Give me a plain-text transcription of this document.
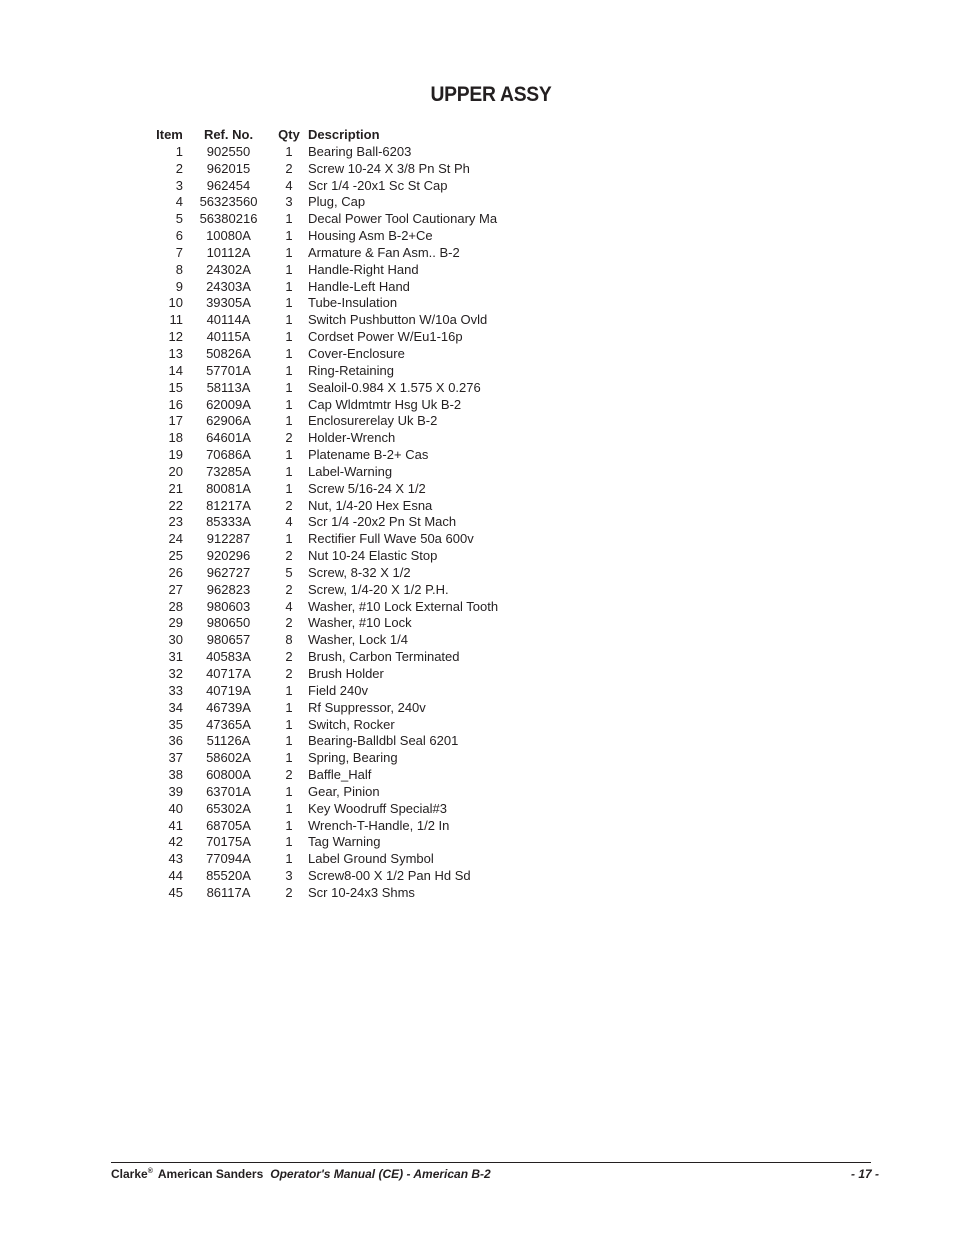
UPPER ASSY
Item	Ref. No.	Qty Description
1	902550	1	Bearing Ball-6203
2	962015	2	Screw 10-24 X 3/8 Pn St Ph
3	962454	4	Scr 1/4 -20x1 Sc St Cap
4	56323560	3	Plug, Cap
5	56380216	1	Decal Power Tool Cautionary Ma
6	10080A	1	Housing Asm B-2+Ce
7	10112A	1	Armature & Fan Asm.. B-2
8	24302A	1	Handle-Right Hand
9	24303A	1	Handle-Left Hand
10	39305A	1	Tube-Insulation
11	40114A	1	Switch Pushbutton W/10a Ovld
12	40115A	1	Cordset Power W/Eu1-16p
13	50826A	1	Cover-Enclosure
14	57701A	1	Ring-Retaining
15	58113A	1	Sealoil-0.984 X 1.575 X 0.276
16	62009A	1	Cap Wldmtmtr Hsg Uk B-2
17	62906A	1	Enclosurerelay Uk B-2
18	64601A	2	Holder-Wrench
19	70686A	1	Platename B-2+ Cas
20	73285A	1	Label-Warning
21	80081A	1	Screw 5/16-24 X 1/2
22	81217A	2	Nut, 1/4-20 Hex Esna
23	85333A	4	Scr 1/4 -20x2 Pn St Mach
24	912287	1	Rectifier Full Wave 50a 600v
25	920296	2	Nut 10-24 Elastic Stop
26	962727	5	Screw, 8-32 X 1/2
27	962823	2	Screw, 1/4-20 X 1/2 P.H.
28	980603	4	Washer, #10 Lock External Tooth
29	980650	2	Washer, #10 Lock
30	980657	8	Washer, Lock 1/4
31	40583A	2	Brush, Carbon Terminated
32	40717A	2	Brush Holder
33	40719A	1	Field 240v
34	46739A	1	Rf Suppressor, 240v
35	47365A	1	Switch, Rocker
36	51126A	1	Bearing-Balldbl Seal 6201
37	58602A	1	Spring, Bearing
38	60800A	2	Baffle_Half
39	63701A	1	Gear, Pinion
40	65302A	1	Key Woodruff Special#3
41	68705A	1	Wrench-T-Handle, 1/2 In
42	70175A	1	Tag Warning
43	77094A	1	Label Ground Symbol
44	85520A	3	Screw8-00 X 1/2 Pan Hd Sd
45	86117A	2	Scr 10-24x3 Shms
Clarke® American Sanders Operator's Manual (CE) - American B-2	- 17 -
